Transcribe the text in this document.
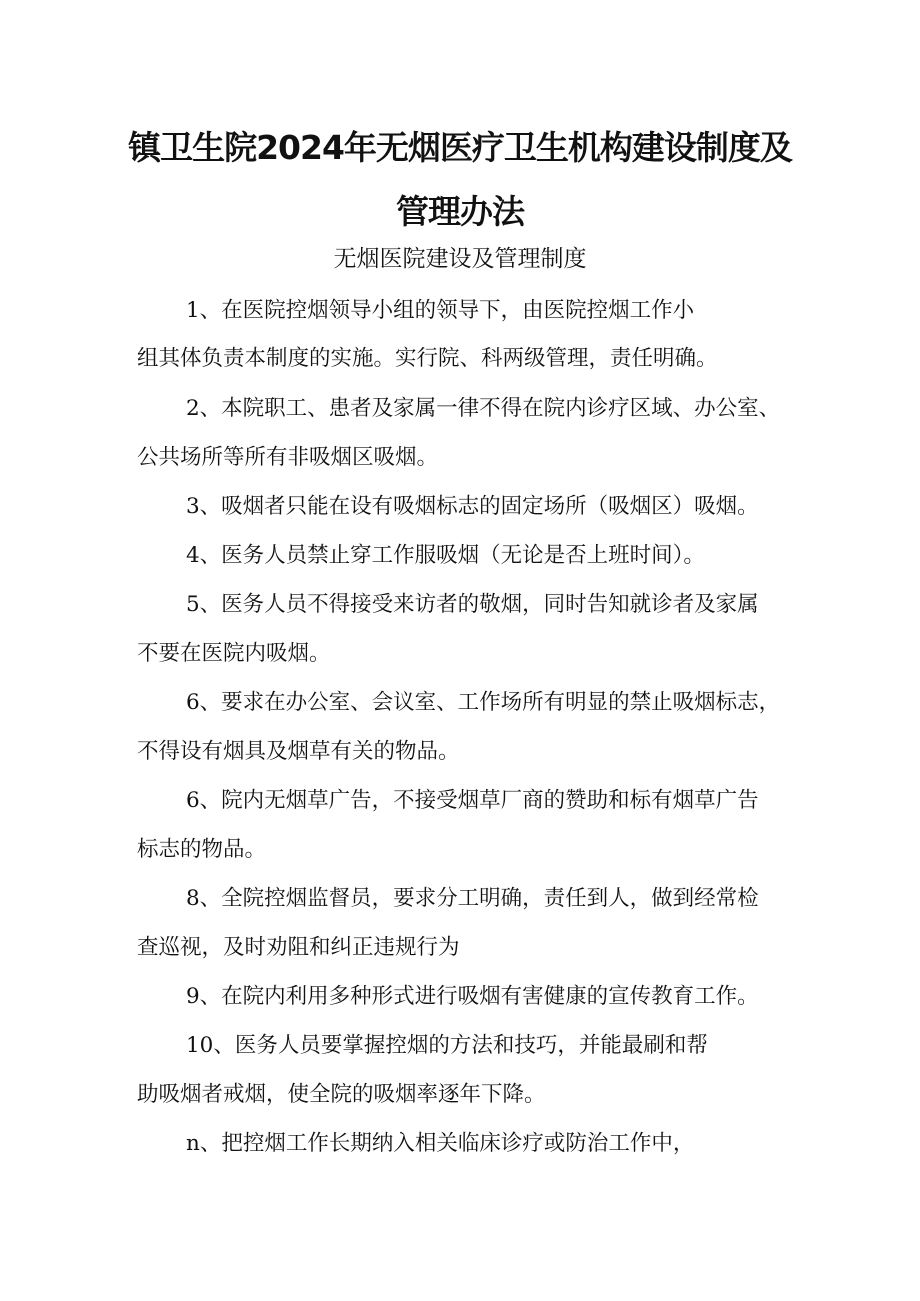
镇卫生院2024年无烟医疗卫生机构建设制度及
管理办法
无烟医院建设及管理制度
1、在医院控烟领导小组的领导下，由医院控烟工作小
组其体负责本制度的实施。实行院、科两级管理，责任明确。
2、本院职工、患者及家属一律不得在院内诊疗区域、办公室、
公共场所等所有非吸烟区吸烟。
3、吸烟者只能在设有吸烟标志的固定场所（吸烟区）吸烟。
4、医务人员禁止穿工作服吸烟（无论是否上班时间）。
5、医务人员不得接受来访者的敬烟，同时告知就诊者及家属
不要在医院内吸烟。
6、要求在办公室、会议室、工作场所有明显的禁止吸烟标志，
不得设有烟具及烟草有关的物品。
6、院内无烟草广告，不接受烟草厂商的赞助和标有烟草广告
标志的物品。
8、全院控烟监督员，要求分工明确，责任到人，做到经常检
查巡视，及时劝阻和纠正违规行为
9、在院内利用多种形式进行吸烟有害健康的宣传教育工作。
10、医务人员要掌握控烟的方法和技巧，并能最刷和帮
助吸烟者戒烟，使全院的吸烟率逐年下降。
n、把控烟工作长期纳入相关临床诊疗或防治工作中，
